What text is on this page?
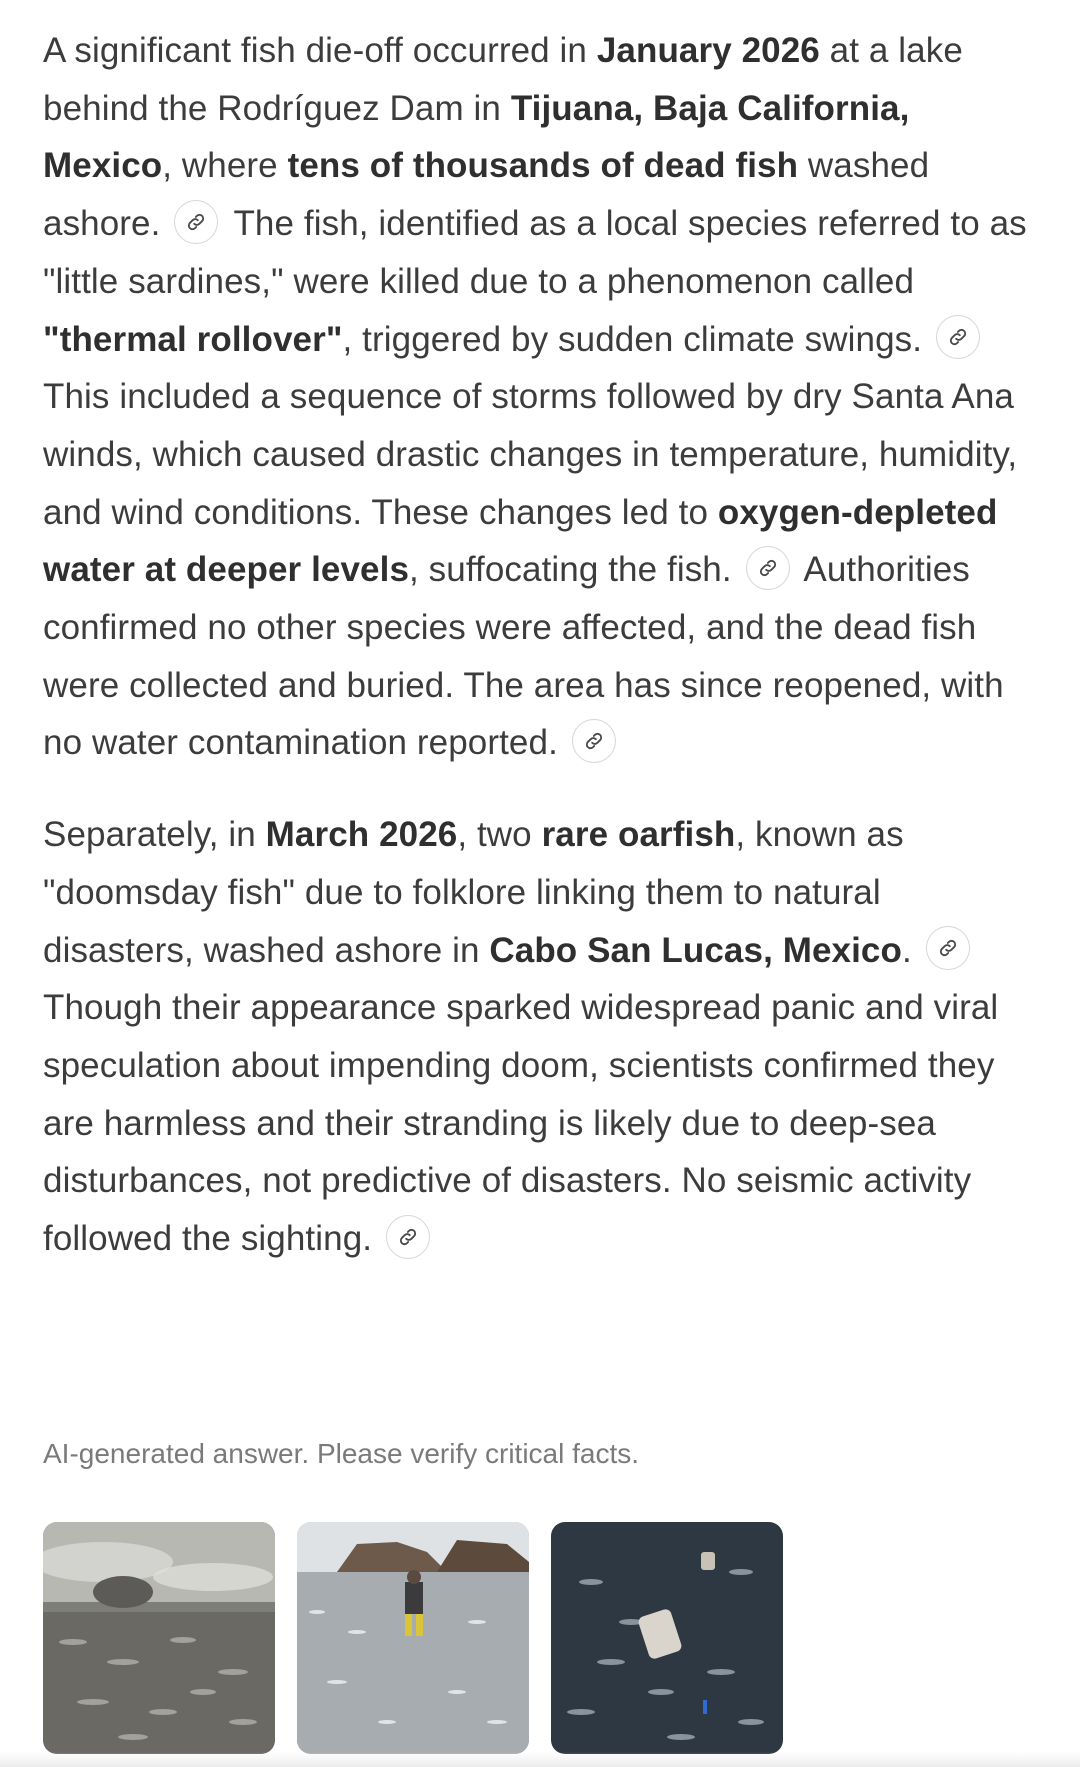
A significant fish die-off occurred in January 2026 at a lake behind the Rodríguez Dam in Tijuana, Baja California, Mexico, where tens of thousands of dead fish washed ashore.
The fish, identified as a local species referred to as "little sardines," were killed due to a phenomenon called "thermal rollover", triggered by sudden climate swings.
This included a sequence of storms followed by dry Santa Ana winds, which caused drastic changes in temperature, humidity, and wind conditions. These changes led to oxygen-depleted water at deeper levels, suffocating the fish.
Authorities confirmed no other species were affected, and the dead fish were collected and buried. The area has since reopened, with no water contamination reported.

Separately, in March 2026, two rare oarfish, known as "doomsday fish" due to folklore linking them to natural disasters, washed ashore in Cabo San Lucas, Mexico.
Though their appearance sparked widespread panic and viral speculation about impending doom, scientists confirmed they are harmless and their stranding is likely due to deep-sea disturbances, not predictive of disasters. No seismic activity followed the sighting.

AI-generated answer. Please verify critical facts.
